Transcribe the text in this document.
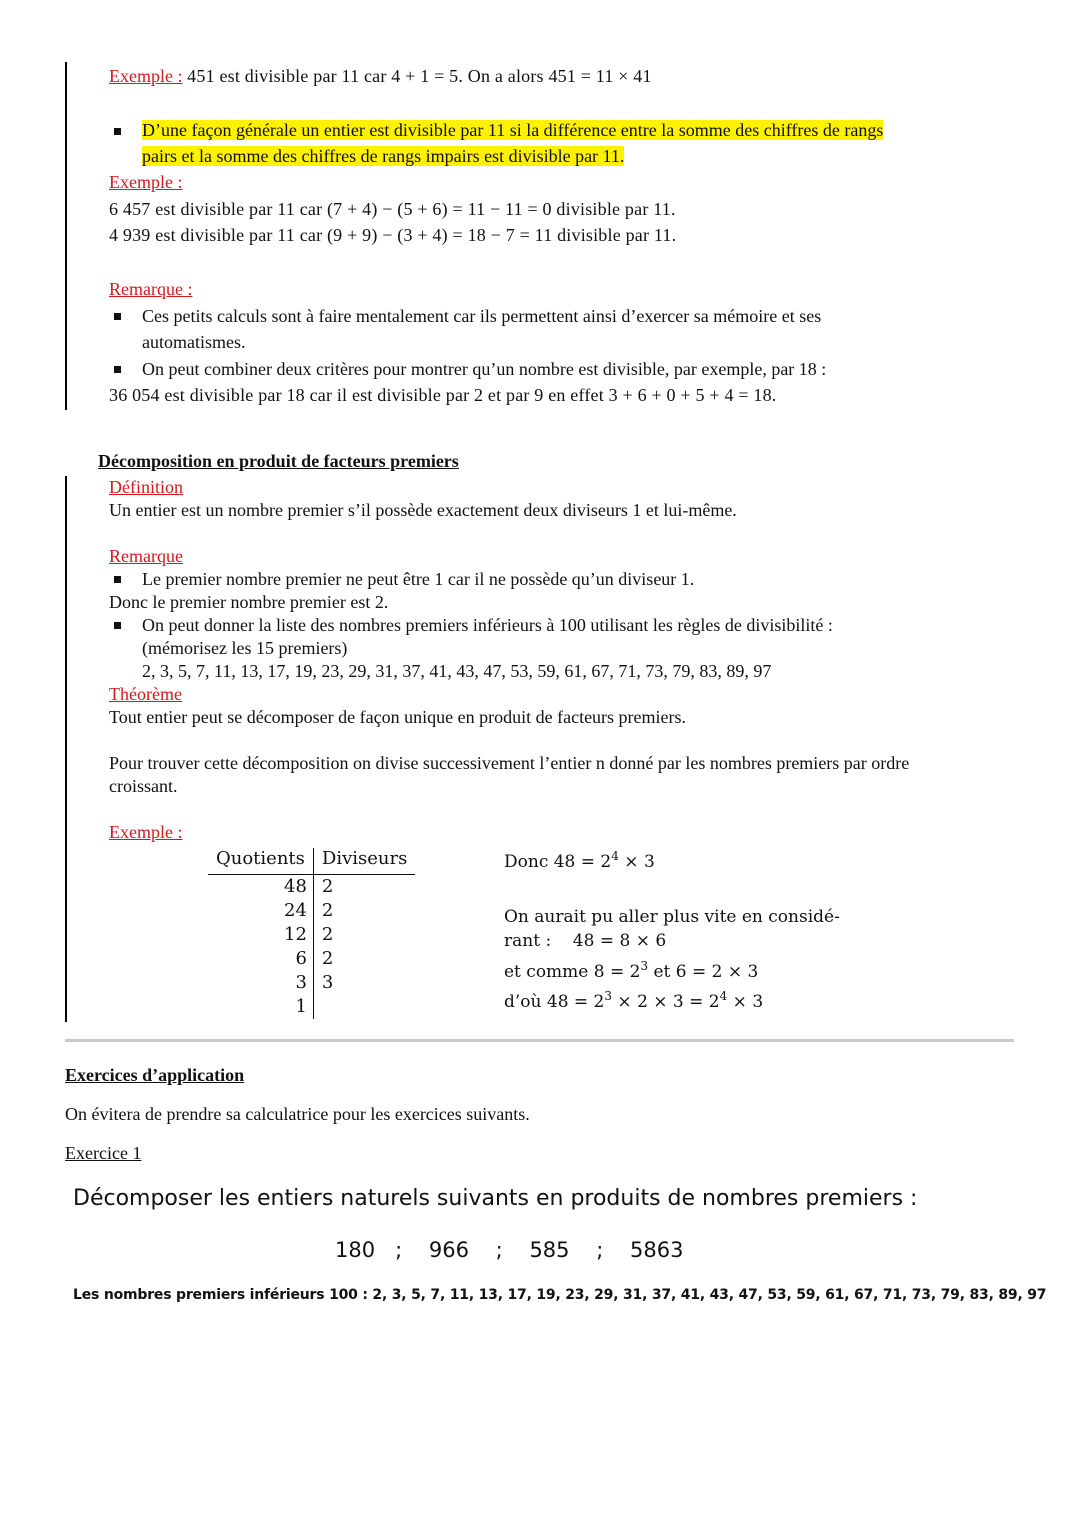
Exemple : 451 est divisible par 11 car 4 + 1 = 5. On a alors 451 = 11 × 41
D’une façon générale un entier est divisible par 11 si la différence entre la somme des chiffres de rangs
pairs et la somme des chiffres de rangs impairs est divisible par 11.
Exemple :
6 457 est divisible par 11 car (7 + 4) − (5 + 6) = 11 − 11 = 0 divisible par 11.
4 939 est divisible par 11 car (9 + 9) − (3 + 4) = 18 − 7 = 11 divisible par 11.
Remarque :
Ces petits calculs sont à faire mentalement car ils permettent ainsi d’exercer sa mémoire et ses
automatismes.
On peut combiner deux critères pour montrer qu’un nombre est divisible, par exemple, par 18 :
36 054 est divisible par 18 car il est divisible par 2 et par 9 en effet 3 + 6 + 0 + 5 + 4 = 18.
Décomposition en produit de facteurs premiers
Définition
Un entier est un nombre premier s’il possède exactement deux diviseurs 1 et lui-même.
Remarque
Le premier nombre premier ne peut être 1 car il ne possède qu’un diviseur 1.
Donc le premier nombre premier est 2.
On peut donner la liste des nombres premiers inférieurs à 100 utilisant les règles de divisibilité :
(mémorisez les 15 premiers)
2, 3, 5, 7, 11, 13, 17, 19, 23, 29, 31, 37, 41, 43, 47, 53, 59, 61, 67, 71, 73, 79, 83, 89, 97
Théorème
Tout entier peut se décomposer de façon unique en produit de facteurs premiers.
Pour trouver cette décomposition on divise successivement l’entier n donné par les nombres premiers par ordre
croissant.
Exemple :
Quotients	Diviseurs
48	2
24	2
12	2
6	2
3	3
1	
Donc $48 = 2^4 \times 3$
On aurait pu aller plus vite en considé-
rant :    48 = 8 × 6
et comme $8 = 2^3$ et 6 = 2 × 3
d’où $48 = 2^3 \times 2 \times 3 = 2^4 \times 3$
Exercices d’application
On évitera de prendre sa calculatrice pour les exercices suivants.
Exercice 1
Décomposer les entiers naturels suivants en produits de nombres premiers :
180   ;    966    ;    585    ;    5863
Les nombres premiers inférieurs 100 : 2, 3, 5, 7, 11, 13, 17, 19, 23, 29, 31, 37, 41, 43, 47, 53, 59, 61, 67, 71, 73, 79, 83, 89, 97
